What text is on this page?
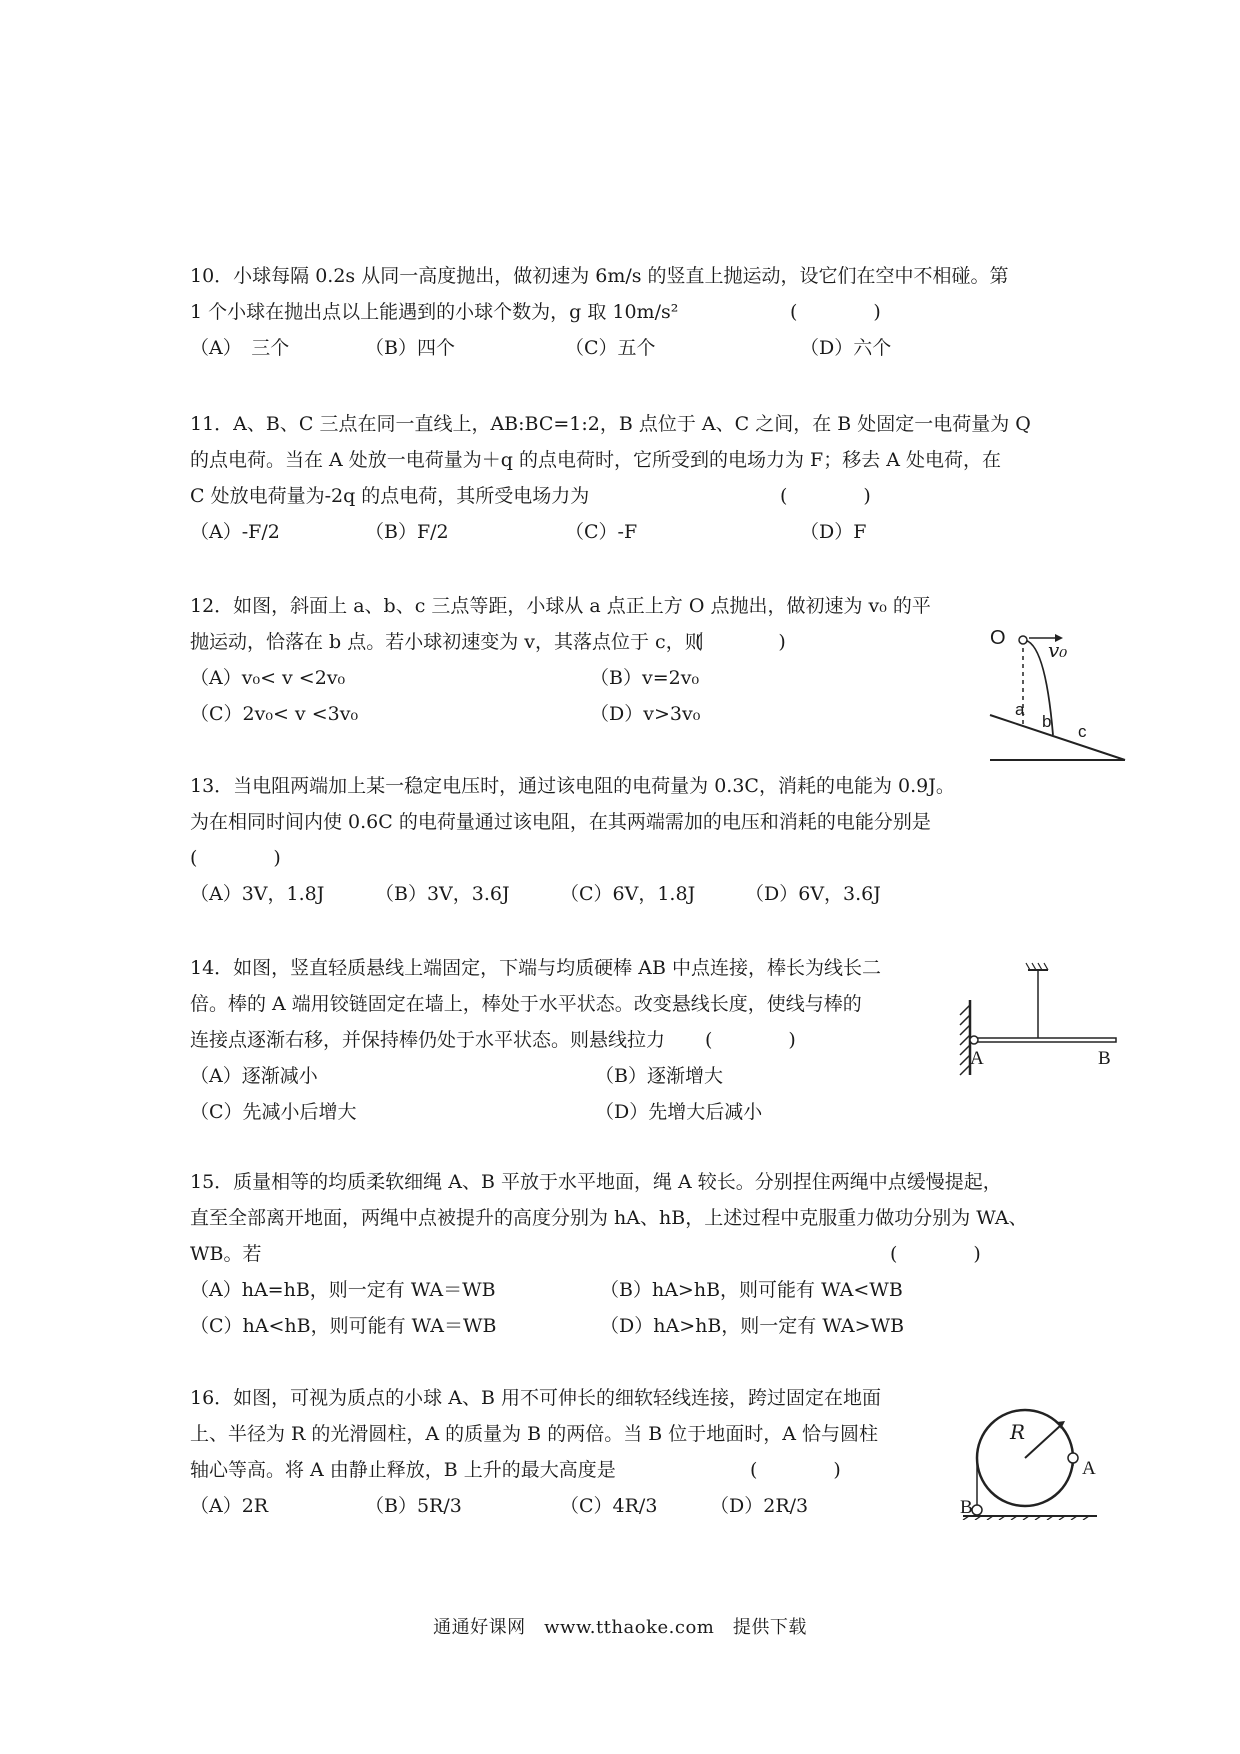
10．小球每隔 0.2s 从同一高度抛出，做初速为 6m/s 的竖直上抛运动，设它们在空中不相碰。第
1 个小球在抛出点以上能遇到的小球个数为，g 取 10m/s²	(　　　　)
（A）　三个	（B）四个	（C）五个	（D）六个
11．A、B、C 三点在同一直线上，AB:BC=1:2，B 点位于 A、C 之间，在 B 处固定一电荷量为 Q
的点电荷。当在 A 处放一电荷量为＋q 的点电荷时，它所受到的电场力为 F；移去 A 处电荷，在
C 处放电荷量为-2q 的点电荷，其所受电场力为	(　　　　)
（A）-F/2	（B）F/2	（C）-F	（D）F
12．如图，斜面上 a、b、c 三点等距，小球从 a 点正上方 O 点抛出，做初速为 v₀ 的平
抛运动，恰落在 b 点。若小球初速变为 v，其落点位于 c，则
(　　　　)
（A）v₀< v <2v₀	（B）v=2v₀
（C）2v₀< v <3v₀	（D）v>3v₀
O v₀
a
b
c
13．当电阻两端加上某一稳定电压时，通过该电阻的电荷量为 0.3C，消耗的电能为 0.9J。
为在相同时间内使 0.6C 的电荷量通过该电阻，在其两端需加的电压和消耗的电能分别是
(　　　　)
（A）3V，1.8J	（B）3V，3.6J	（C）6V，1.8J	（D）6V，3.6J
14．如图，竖直轻质悬线上端固定，下端与均质硬棒 AB 中点连接，棒长为线长二
倍。棒的 A 端用铰链固定在墙上，棒处于水平状态。改变悬线长度，使线与棒的
连接点逐渐右移，并保持棒仍处于水平状态。则悬线拉力 (　　　　)
（A）逐渐减小	（B）逐渐增大
（C）先减小后增大	（D）先增大后减小
A	B
15．质量相等的均质柔软细绳 A、B 平放于水平地面，绳 A 较长。分别捏住两绳中点缓慢提起，
直至全部离开地面，两绳中点被提升的高度分别为 hA、hB，上述过程中克服重力做功分别为 WA、
WB。若	(　　　　)
（A）hA=hB，则一定有 WA＝WB	（B）hA>hB，则可能有 WA<WB
（C）hA<hB，则可能有 WA＝WB	（D）hA>hB，则一定有 WA>WB
16．如图，可视为质点的小球 A、B 用不可伸长的细软轻线连接，跨过固定在地面
上、半径为 R 的光滑圆柱，A 的质量为 B 的两倍。当 B 位于地面时，A 恰与圆柱
轴心等高。将 A 由静止释放，B 上升的最大高度是	(　　　　)
（A）2R	（B）5R/3	（C）4R/3	（D）2R/3
R
A
B
通通好课网　www.tthaoke.com　提供下载
